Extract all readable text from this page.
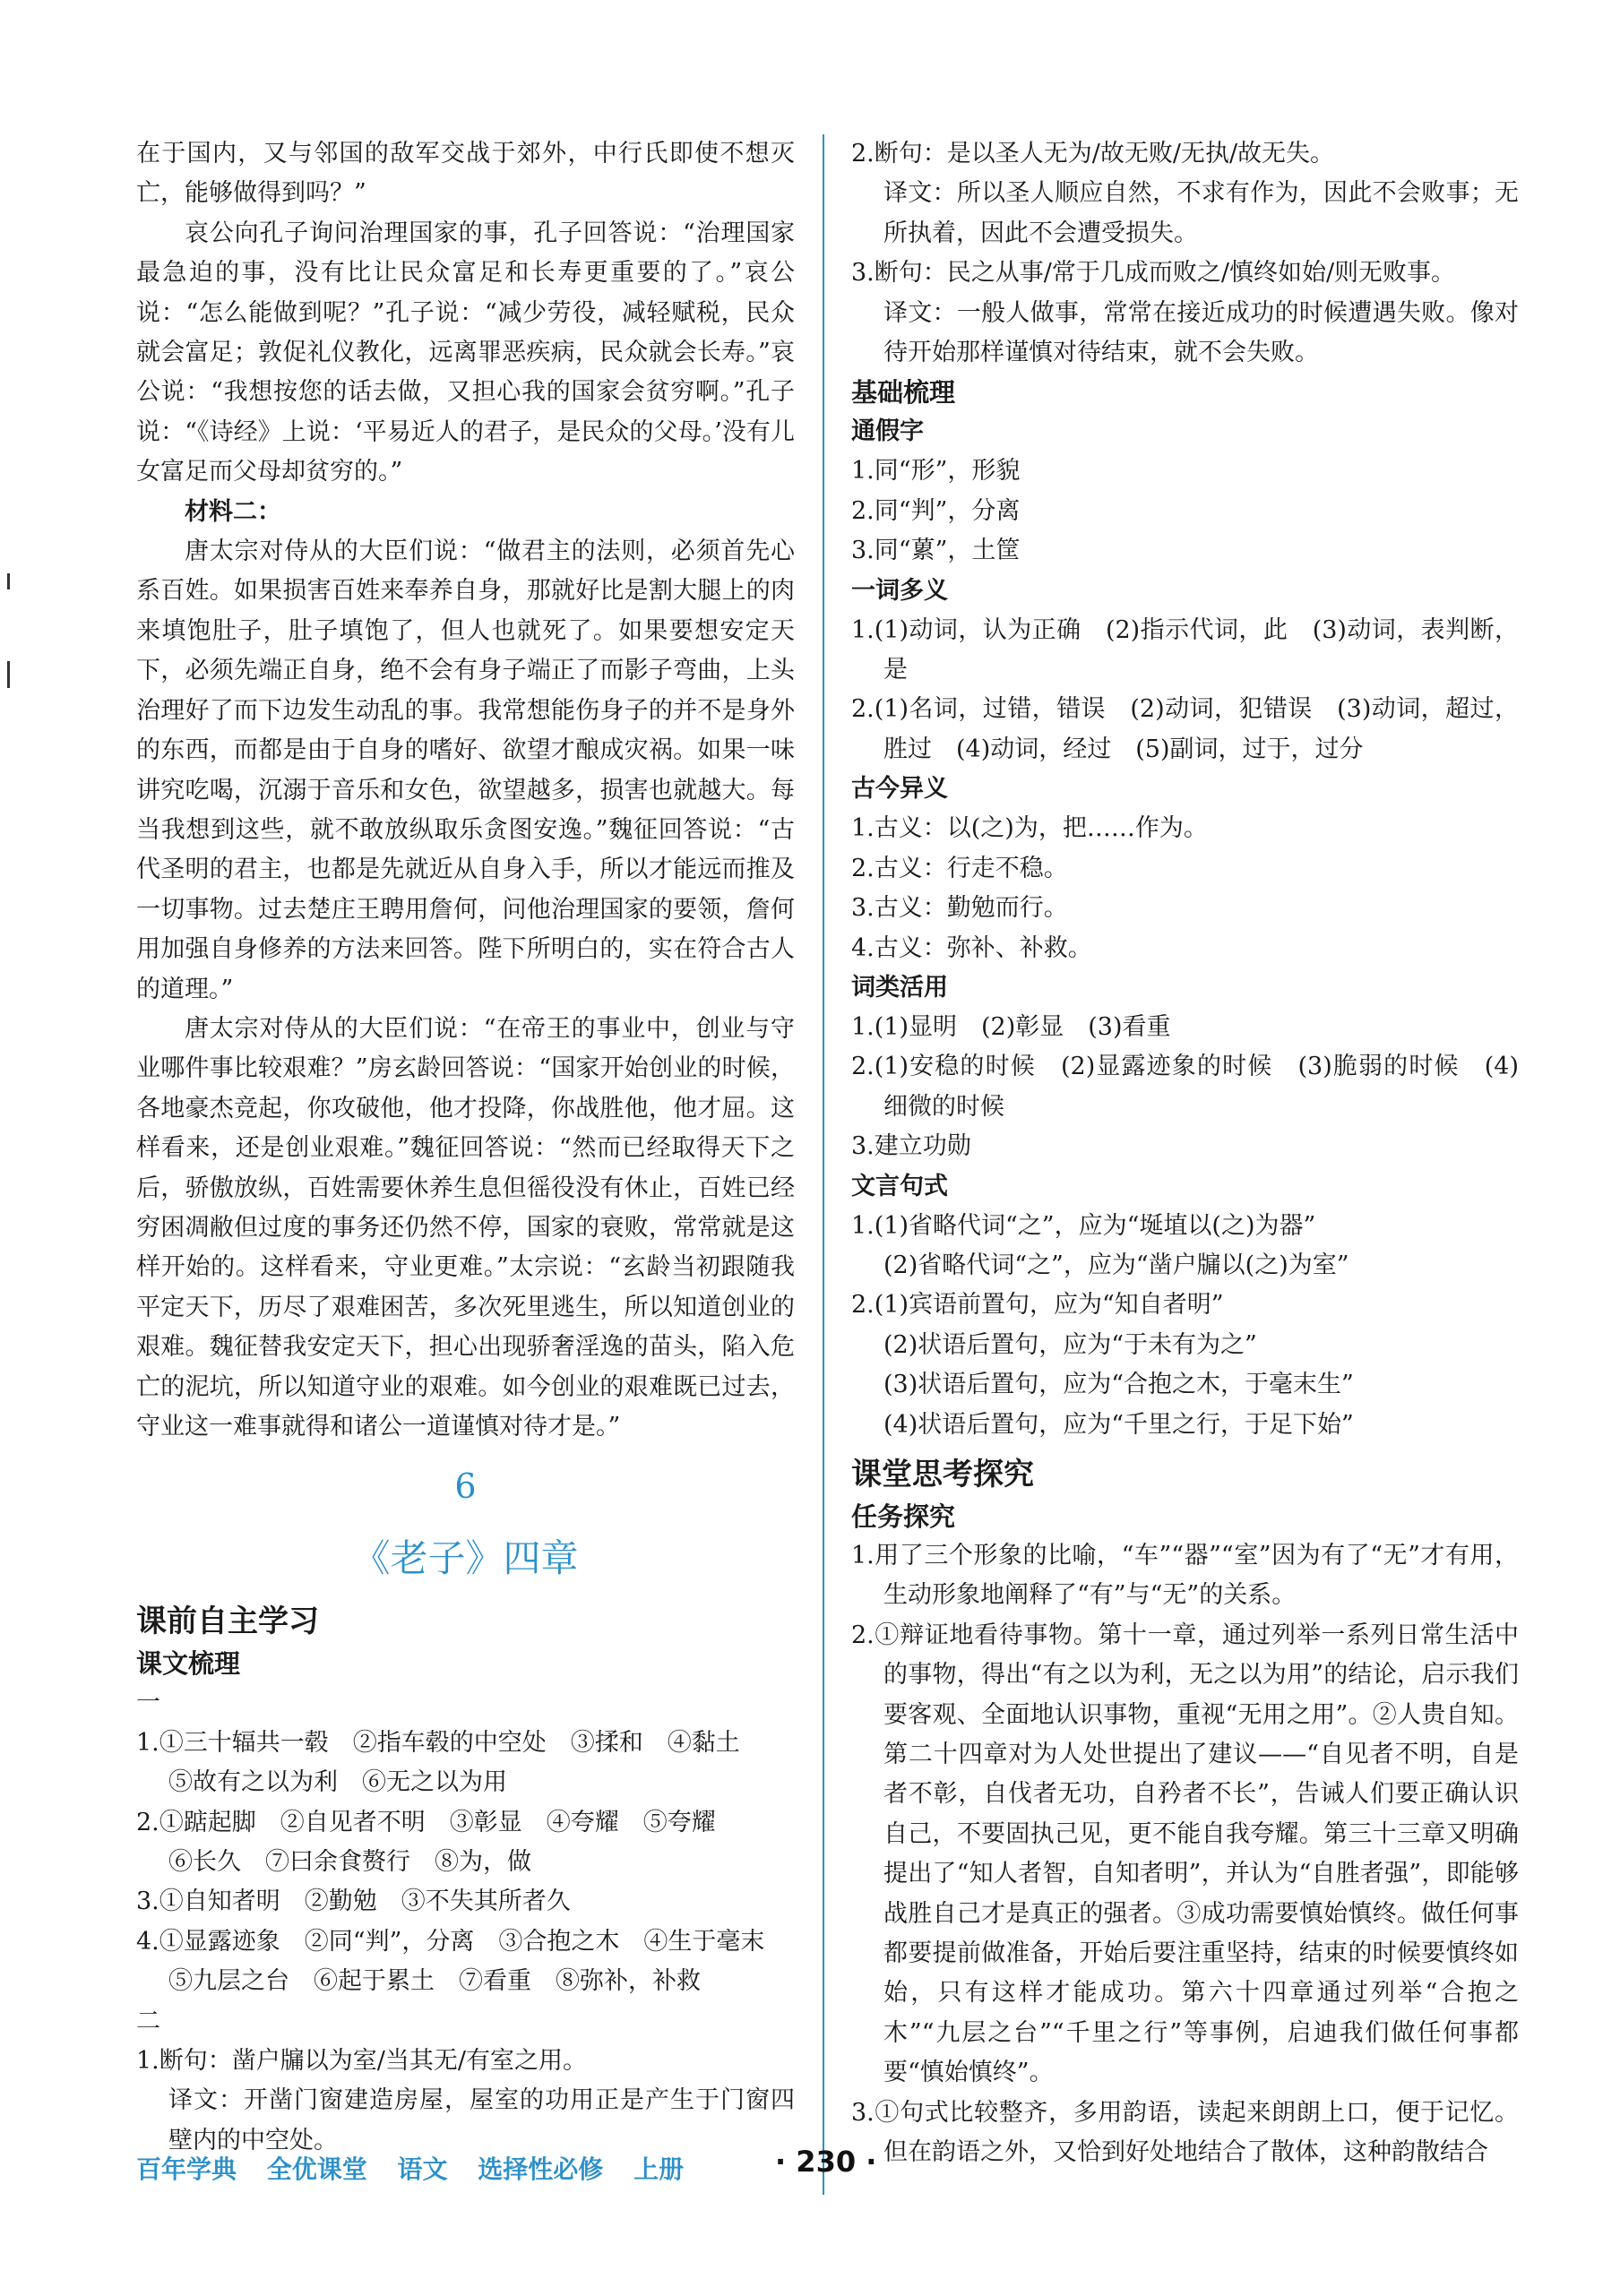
在于国内，又与邻国的敌军交战于郊外，中行氏即使不想灭亡，能够做得到吗？”

哀公向孔子询问治理国家的事，孔子回答说：“治理国家最急迫的事，没有比让民众富足和长寿更重要的了。”哀公说：“怎么能做到呢？”孔子说：“减少劳役，减轻赋税，民众就会富足；敦促礼仪教化，远离罪恶疾病，民众就会长寿。”哀公说：“我想按您的话去做，又担心我的国家会贫穷啊。”孔子说：“《诗经》上说：‘平易近人的君子，是民众的父母。’没有儿女富足而父母却贫穷的。”

材料二：

唐太宗对侍从的大臣们说：“做君主的法则，必须首先心系百姓。如果损害百姓来奉养自身，那就好比是割大腿上的肉来填饱肚子，肚子填饱了，但人也就死了。如果要想安定天下，必须先端正自身，绝不会有身子端正了而影子弯曲，上头治理好了而下边发生动乱的事。我常想能伤身子的并不是身外的东西，而都是由于自身的嗜好、欲望才酿成灾祸。如果一味讲究吃喝，沉溺于音乐和女色，欲望越多，损害也就越大。每当我想到这些，就不敢放纵取乐贪图安逸。”魏征回答说：“古代圣明的君主，也都是先就近从自身入手，所以才能远而推及一切事物。过去楚庄王聘用詹何，问他治理国家的要领，詹何用加强自身修养的方法来回答。陛下所明白的，实在符合古人的道理。”

唐太宗对侍从的大臣们说：“在帝王的事业中，创业与守业哪件事比较艰难？”房玄龄回答说：“国家开始创业的时候，各地豪杰竞起，你攻破他，他才投降，你战胜他，他才屈。这样看来，还是创业艰难。”魏征回答说：“然而已经取得天下之后，骄傲放纵，百姓需要休养生息但徭役没有休止，百姓已经穷困凋敝但过度的事务还仍然不停，国家的衰败，常常就是这样开始的。这样看来，守业更难。”太宗说：“玄龄当初跟随我平定天下，历尽了艰难困苦，多次死里逃生，所以知道创业的艰难。魏征替我安定天下，担心出现骄奢淫逸的苗头，陷入危亡的泥坑，所以知道守业的艰难。如今创业的艰难既已过去，守业这一难事就得和诸公一道谨慎对待才是。”

6
《老子》四章
课前自主学习
课文梳理
一
1.①三十辐共一毂　②指车毂的中空处　③揉和　④黏土
⑤故有之以为利　⑥无之以为用
2.①踮起脚　②自见者不明　③彰显　④夸耀　⑤夸耀
⑥长久　⑦曰余食赘行　⑧为，做
3.①自知者明　②勤勉　③不失其所者久
4.①显露迹象　②同“判”，分离　③合抱之木　④生于毫末
⑤九层之台　⑥起于累土　⑦看重　⑧弥补，补救
二

1.断句：凿户牖以为室/当其无/有室之用。

译文：开凿门窗建造房屋，屋室的功用正是产生于门窗四壁内的中空处。

2.断句：是以圣人无为/故无败/无执/故无失。

译文：所以圣人顺应自然，不求有作为，因此不会败事；无所执着，因此不会遭受损失。

3.断句：民之从事/常于几成而败之/慎终如始/则无败事。

译文：一般人做事，常常在接近成功的时候遭遇失败。像对待开始那样谨慎对待结束，就不会失败。

基础梳理
通假字

1.同“形”，形貌

2.同“判”，分离

3.同“蔂”，土筐

一词多义

1.(1)动词，认为正确　(2)指示代词，此　(3)动词，表判断，是

2.(1)名词，过错，错误　(2)动词，犯错误　(3)动词，超过，胜过　(4)动词，经过　(5)副词，过于，过分

古今异义

1.古义：以(之)为，把……作为。

2.古义：行走不稳。

3.古义：勤勉而行。

4.古义：弥补、补救。

词类活用

1.(1)显明　(2)彰显　(3)看重

2.(1)安稳的时候　(2)显露迹象的时候　(3)脆弱的时候　(4)细微的时候

3.建立功勋

文言句式

1.(1)省略代词“之”，应为“埏埴以(之)为器”

(2)省略代词“之”，应为“凿户牖以(之)为室”

2.(1)宾语前置句，应为“知自者明”

(2)状语后置句，应为“于未有为之”

(3)状语后置句，应为“合抱之木，于毫末生”

(4)状语后置句，应为“千里之行，于足下始”

课堂思考探究
任务探究

1.用了三个形象的比喻，“车”“器”“室”因为有了“无”才有用，生动形象地阐释了“有”与“无”的关系。

2.①辩证地看待事物。第十一章，通过列举一系列日常生活中的事物，得出“有之以为利，无之以为用”的结论，启示我们要客观、全面地认识事物，重视“无用之用”。②人贵自知。第二十四章对为人处世提出了建议——“自见者不明，自是者不彰，自伐者无功，自矜者不长”，告诫人们要正确认识自己，不要固执己见，更不能自我夸耀。第三十三章又明确提出了“知人者智，自知者明”，并认为“自胜者强”，即能够战胜自己才是真正的强者。③成功需要慎始慎终。做任何事都要提前做准备，开始后要注重坚持，结束的时候要慎终如始，只有这样才能成功。第六十四章通过列举“合抱之木”“九层之台”“千里之行”等事例，启迪我们做任何事都要“慎始慎终”。

3.①句式比较整齐，多用韵语，读起来朗朗上口，便于记忆。但在韵语之外，又恰到好处地结合了散体，这种韵散结合

百年学典 全优课堂 语文 选择性必修 上册	· 230 ·
